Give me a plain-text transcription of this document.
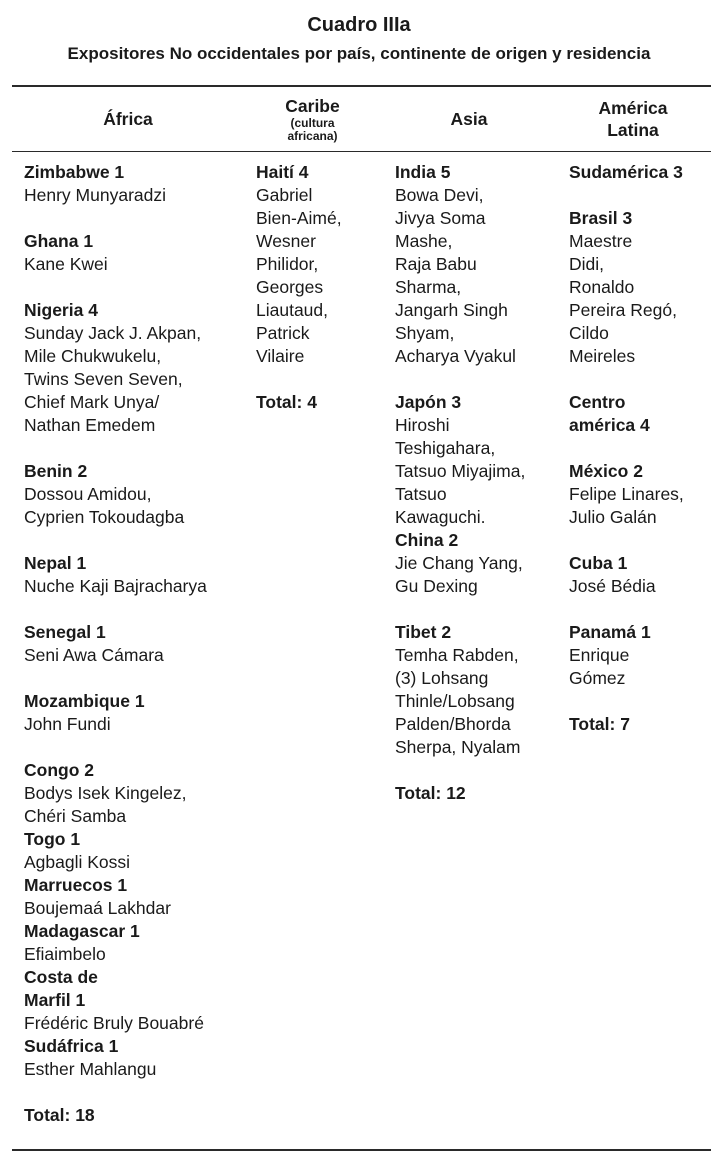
Cuadro IIIa
Expositores No occidentales por país, continente de origen y residencia
África
Caribe
(cultura
africana)
Asia
América
Latina
Zimbabwe 1
Henry Munyaradzi
Ghana 1
Kane Kwei
Nigeria 4
Sunday Jack J. Akpan,
Mile Chukwukelu,
Twins Seven Seven,
Chief Mark Unya/
Nathan Emedem
Benin 2
Dossou Amidou,
Cyprien Tokoudagba
Nepal 1
Nuche Kaji Bajracharya
Senegal 1
Seni Awa Cámara
Mozambique 1
John Fundi
Congo 2
Bodys Isek Kingelez,
Chéri Samba
Togo 1
Agbagli Kossi
Marruecos 1
Boujemaá Lakhdar
Madagascar 1
Efiaimbelo
Costa de
Marfil 1
Frédéric Bruly Bouabré
Sudáfrica 1
Esther Mahlangu
Total: 18
Haití 4
Gabriel
Bien-Aimé,
Wesner
Philidor,
Georges
Liautaud,
Patrick
Vilaire
Total: 4
India 5
Bowa Devi,
Jivya Soma
Mashe,
Raja Babu
Sharma,
Jangarh Singh
Shyam,
Acharya Vyakul
Japón 3
Hiroshi
Teshigahara,
Tatsuo Miyajima,
Tatsuo
Kawaguchi.
China 2
Jie Chang Yang,
Gu Dexing
Tibet 2
Temha Rabden,
(3) Lohsang
Thinle/Lobsang
Palden/Bhorda
Sherpa, Nyalam
Total: 12
Sudamérica 3
Brasil 3
Maestre
Didi,
Ronaldo
Pereira Regó,
Cildo
Meireles
Centro
américa 4
México 2
Felipe Linares,
Julio Galán
Cuba 1
José Bédia
Panamá 1
Enrique
Gómez
Total: 7
